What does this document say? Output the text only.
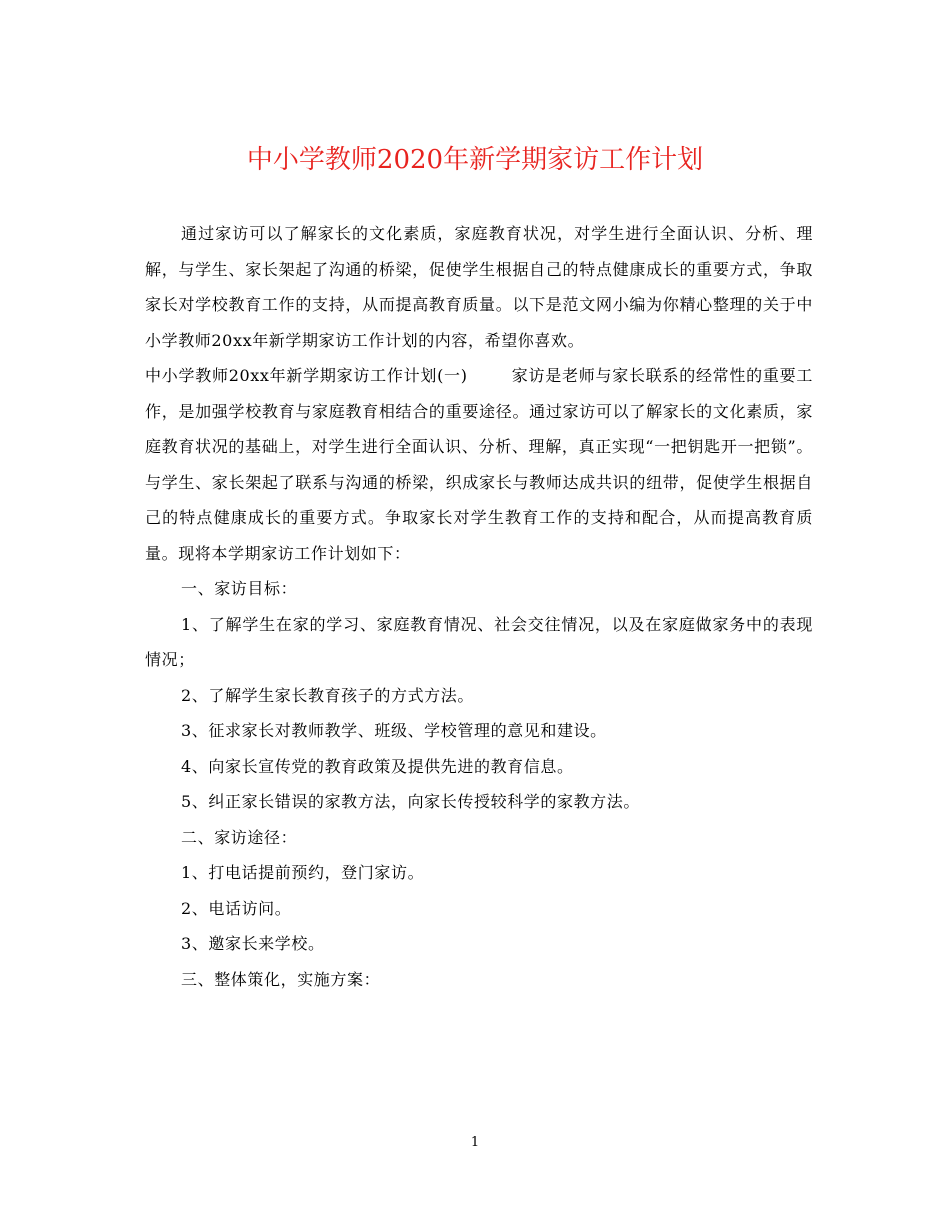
中小学教师2020年新学期家访工作计划

通过家访可以了解家长的文化素质，家庭教育状况，对学生进行全面认识、分析、理解，与学生、家长架起了沟通的桥梁，促使学生根据自己的特点健康成长的重要方式，争取家长对学校教育工作的支持，从而提高教育质量。以下是范文网小编为你精心整理的关于中小学教师20xx年新学期家访工作计划的内容，希望你喜欢。

中小学教师20xx年新学期家访工作计划(一)	家访是老师与家长联系的经常性的重要工作，是加强学校教育与家庭教育相结合的重要途径。通过家访可以了解家长的文化素质，家庭教育状况的基础上，对学生进行全面认识、分析、理解，真正实现“一把钥匙开一把锁”。与学生、家长架起了联系与沟通的桥梁，织成家长与教师达成共识的纽带，促使学生根据自己的特点健康成长的重要方式。争取家长对学生教育工作的支持和配合，从而提高教育质量。现将本学期家访工作计划如下：

一、家访目标：

1、了解学生在家的学习、家庭教育情况、社会交往情况，以及在家庭做家务中的表现情况；

2、了解学生家长教育孩子的方式方法。

3、征求家长对教师教学、班级、学校管理的意见和建设。

4、向家长宣传党的教育政策及提供先进的教育信息。

5、纠正家长错误的家教方法，向家长传授较科学的家教方法。

二、家访途径：

1、打电话提前预约，登门家访。

2、电话访问。

3、邀家长来学校。

三、整体策化，实施方案：

1
